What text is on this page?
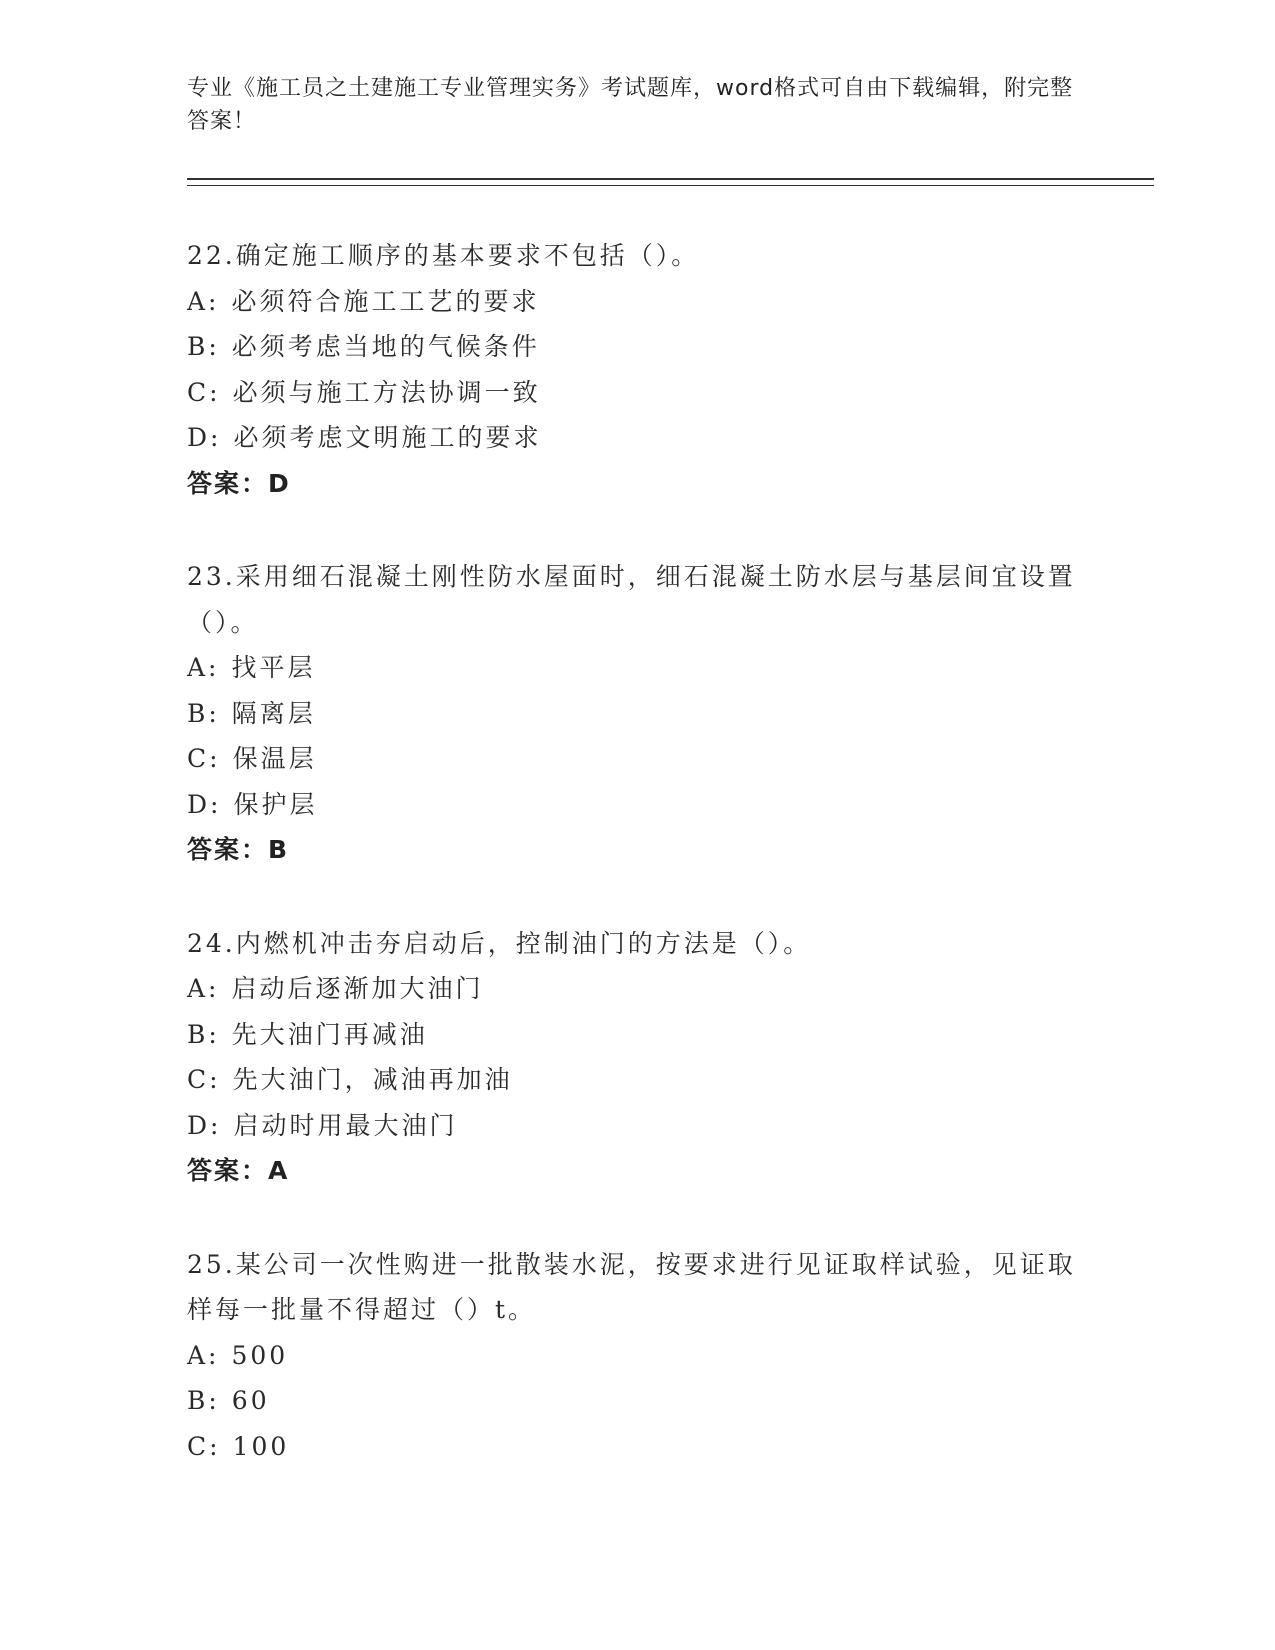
专业《施工员之土建施工专业管理实务》考试题库，word格式可自由下载编辑，附完整答案！
22.确定施工顺序的基本要求不包括（）。
A: 必须符合施工工艺的要求
B: 必须考虑当地的气候条件
C: 必须与施工方法协调一致
D: 必须考虑文明施工的要求
答案：D
23.采用细石混凝土刚性防水屋面时，细石混凝土防水层与基层间宜设置（）。
A: 找平层
B: 隔离层
C: 保温层
D: 保护层
答案：B
24.内燃机冲击夯启动后，控制油门的方法是（）。
A: 启动后逐渐加大油门
B: 先大油门再减油
C: 先大油门，减油再加油
D: 启动时用最大油门
答案：A
25.某公司一次性购进一批散装水泥，按要求进行见证取样试验，见证取样每一批量不得超过（）t。
A: 500
B: 60
C: 100
